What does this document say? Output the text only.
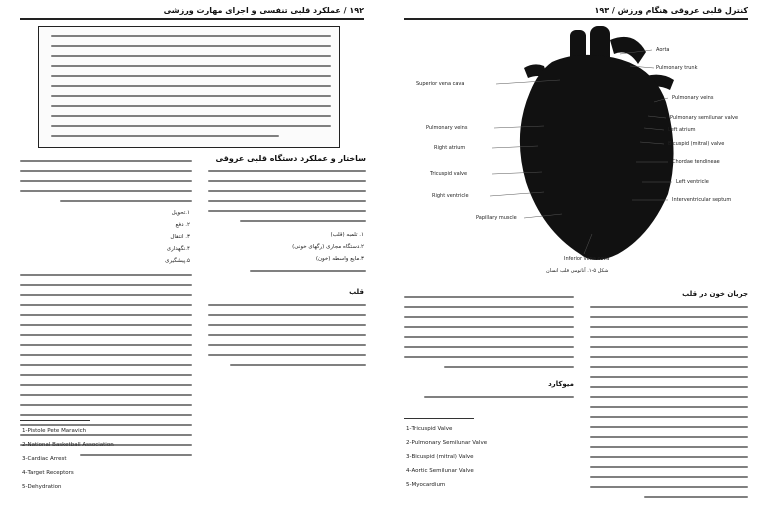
۱۹۲ / عملکرد قلبی تنفسی و اجرای مهارت ورزشی
ساختار و عملکرد دستگاه قلبی عروقی
۱. تلمبه (قلب)
۲.دستگاه مجاری (رگهای خونی)
۳.مایع واسطه (خون)
قلب
۱.تحویل
۲. دفع
۳. انتقال
۴.نگهداری
۵.پیشگیری
1-Pistole Pete Maravich
2-National Basketball Association
3-Cardiac Arrest
4-Target Receptors
5-Dehydration
کنترل قلبی عروقی هنگام ورزش / ۱۹۳
Superior vena cava
Pulmonary veins
Right atrium
Tricuspid valve
Right ventricle
Papillary muscle
Inferior vena cava
Aorta
Pulmonary trunk
Pulmonary veins
Pulmonary semilunar valve
Left atrium
Bicuspid (mitral) valve
Chordae tendineae
Left ventricle
Interventricular septum
شکل ۵-۱. آناتومی قلب انسان
جریان خون در قلب
میوکارد
1-Tricuspid Valve
2-Pulmonary Semilunar Valve
3-Bicuspid (mitral) Valve
4-Aortic Semilunar Valve
5-Myocardium
